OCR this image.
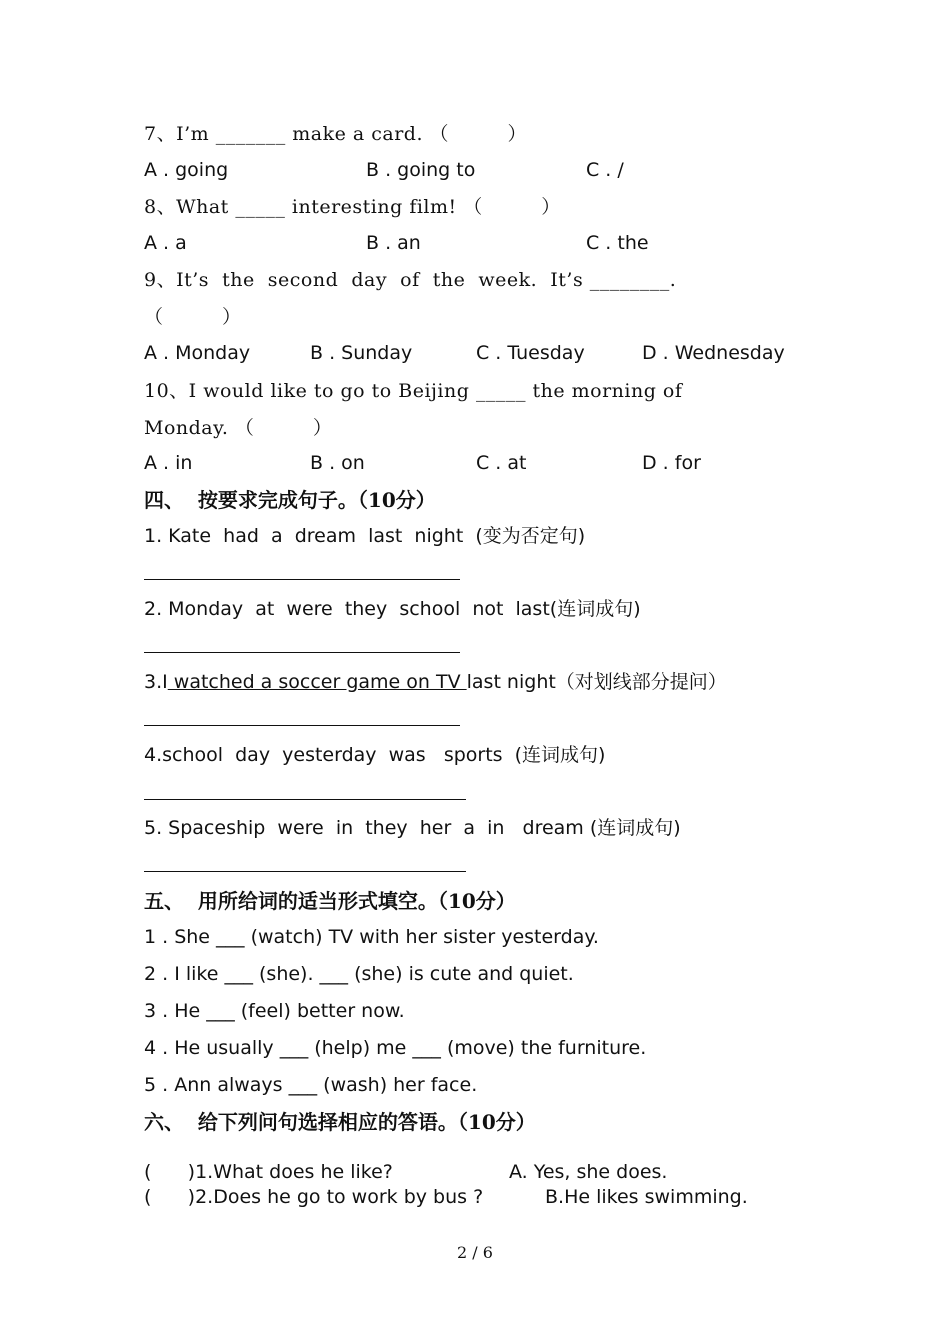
7、I’m _______ make a card. （　　　）
A . going	B . going to	C . /
8、What _____ interesting film! （　　　）
A . a	B . an	C . the
9、It’s  the  second  day  of  the  week.  It’s ________.
（　　　）
A . Monday	B . Sunday	C . Tuesday	D . Wednesday
10、I would like to go to Beijing _____ the morning of
Monday. （　　　）
A . in	B . on	C . at	D . for
四、  按要求完成句子。（10分）
1. Kate  had  a  dream  last  night  (变为否定句)
2. Monday  at  were  they  school  not  last(连词成句)
3.I watched a soccer game on TV last night（对划线部分提问）
4.school  day  yesterday  was   sports  (连词成句)
5. Spaceship  were  in  they  her  a  in   dream (连词成句)
五、  用所给词的适当形式填空。（10分）
1 . She ___ (watch) TV with her sister yesterday.
2 . I like ___ (she). ___ (she) is cute and quiet.
3 . He ___ (feel) better now.
4 . He usually ___ (help) me ___ (move) the furniture.
5 . Ann always ___ (wash) her face.
六、  给下列问句选择相应的答语。（10分）
(      )1.What does he like?	A. Yes, she does.
(      )2.Does he go to work by bus ?	B.He likes swimming.
2 / 6
